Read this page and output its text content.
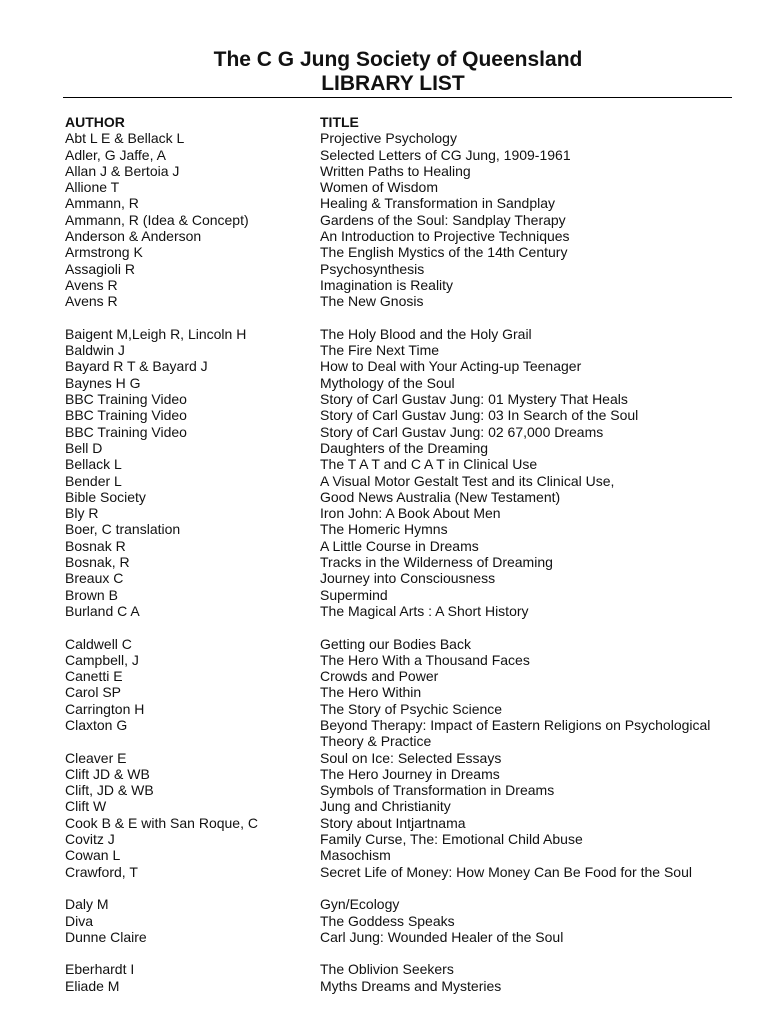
The C G Jung Society of Queensland
LIBRARY LIST
AUTHOR	TITLE
Abt L E & Bellack L	Projective Psychology
Adler, G Jaffe, A	Selected Letters of CG Jung, 1909-1961
Allan J & Bertoia J	Written Paths to Healing
Allione T	Women of Wisdom
Ammann, R	Healing & Transformation in Sandplay
Ammann, R (Idea & Concept)	Gardens of the Soul: Sandplay Therapy
Anderson & Anderson	An Introduction to Projective Techniques
Armstrong K	The English Mystics of the 14th Century
Assagioli R	Psychosynthesis
Avens R	Imagination is Reality
Avens R	The New Gnosis
Baigent M,Leigh R, Lincoln H	The Holy Blood and the Holy Grail
Baldwin J	The Fire Next Time
Bayard R T & Bayard J	How to Deal with Your Acting-up Teenager
Baynes H G	Mythology of the Soul
BBC Training Video	Story of Carl Gustav Jung: 01 Mystery That Heals
BBC Training Video	Story of Carl Gustav Jung: 03 In Search of the Soul
BBC Training Video	Story of Carl Gustav Jung: 02 67,000 Dreams
Bell D	Daughters of the Dreaming
Bellack L	The T A T and C A T in Clinical Use
Bender L	A Visual Motor Gestalt Test and its Clinical Use,
Bible Society	Good News Australia (New Testament)
Bly R	Iron John: A Book About Men
Boer, C translation	The Homeric Hymns
Bosnak R	A Little Course in Dreams
Bosnak, R	Tracks in the Wilderness of Dreaming
Breaux C	Journey into Consciousness
Brown B	Supermind
Burland C A	The Magical Arts : A Short History
Caldwell C	Getting our Bodies Back
Campbell, J	The Hero With a Thousand Faces
Canetti E	Crowds and Power
Carol SP	The Hero Within
Carrington H	The Story of Psychic Science
Claxton G	Beyond Therapy: Impact of Eastern Religions on Psychological
Theory & Practice
Cleaver E	Soul on Ice: Selected Essays
Clift JD & WB	The Hero Journey in Dreams
Clift, JD & WB	Symbols of Transformation in Dreams
Clift W	Jung and Christianity
Cook B & E with San Roque, C	Story about Intjartnama
Covitz J	Family Curse, The: Emotional Child Abuse
Cowan L	Masochism
Crawford, T	Secret Life of Money: How Money Can Be Food for the Soul
Daly M	Gyn/Ecology
Diva	The Goddess Speaks
Dunne Claire	Carl Jung: Wounded Healer of the Soul
Eberhardt I	The Oblivion Seekers
Eliade M	Myths Dreams and Mysteries
